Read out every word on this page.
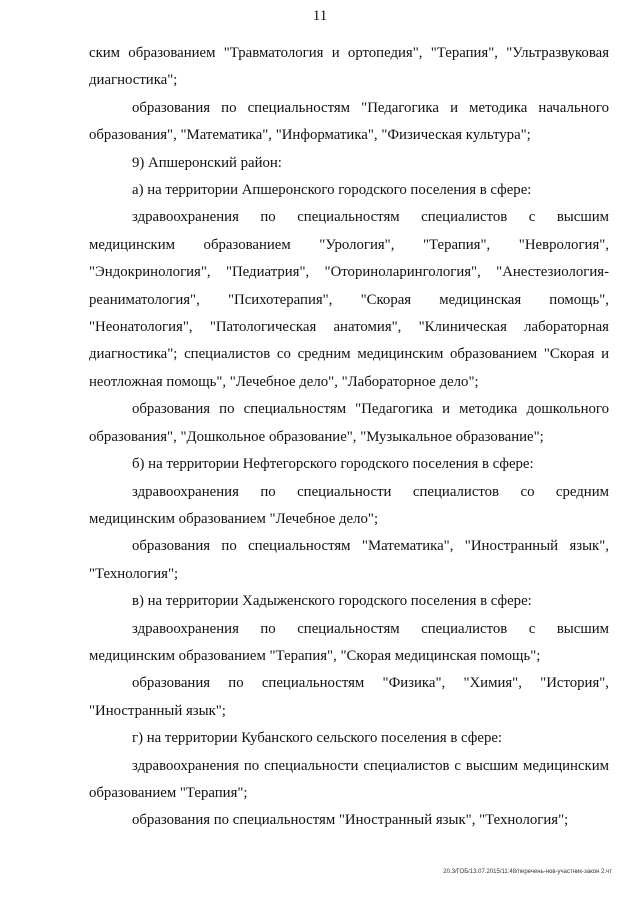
11

ским образованием "Травматология и ортопедия", "Терапия", "Ультразвуковая диагностика";

образования по специальностям "Педагогика и методика начального образования", "Математика", "Информатика", "Физическая культура";

9) Апшеронский район:

а) на территории Апшеронского городского поселения в сфере:

здравоохранения по специальностям специалистов с высшим медицинским образованием "Урология", "Терапия", "Неврология", "Эндокринология", "Педиатрия", "Оториноларингология", "Анестезиология-реаниматология", "Психотерапия", "Скорая медицинская помощь", "Неонатология", "Патологическая анатомия", "Клиническая лабораторная диагностика"; специалистов со средним медицинским образованием "Скорая и неотложная помощь", "Лечебное дело", "Лабораторное дело";

образования по специальностям "Педагогика и методика дошкольного образования", "Дошкольное образование", "Музыкальное образование";

б) на территории Нефтегорского городского поселения в сфере:

здравоохранения по специальности специалистов со средним медицинским образованием "Лечебное дело";

образования по специальностям "Математика", "Иностранный язык", "Технология";

в) на территории Хадыженского городского поселения в сфере:

здравоохранения по специальностям специалистов с высшим медицинским образованием "Терапия", "Скорая медицинская помощь";

образования по специальностям "Физика", "Химия", "История", "Иностранный язык";

г) на территории Кубанского сельского поселения в сфере:

здравоохранения по специальности специалистов с высшим медицинским образованием "Терапия";

образования по специальностям "Иностранный язык", "Технология";

20.3/ГОБ/13.07.2015/11:48/перечень-нов-участник-закон 2.чт
